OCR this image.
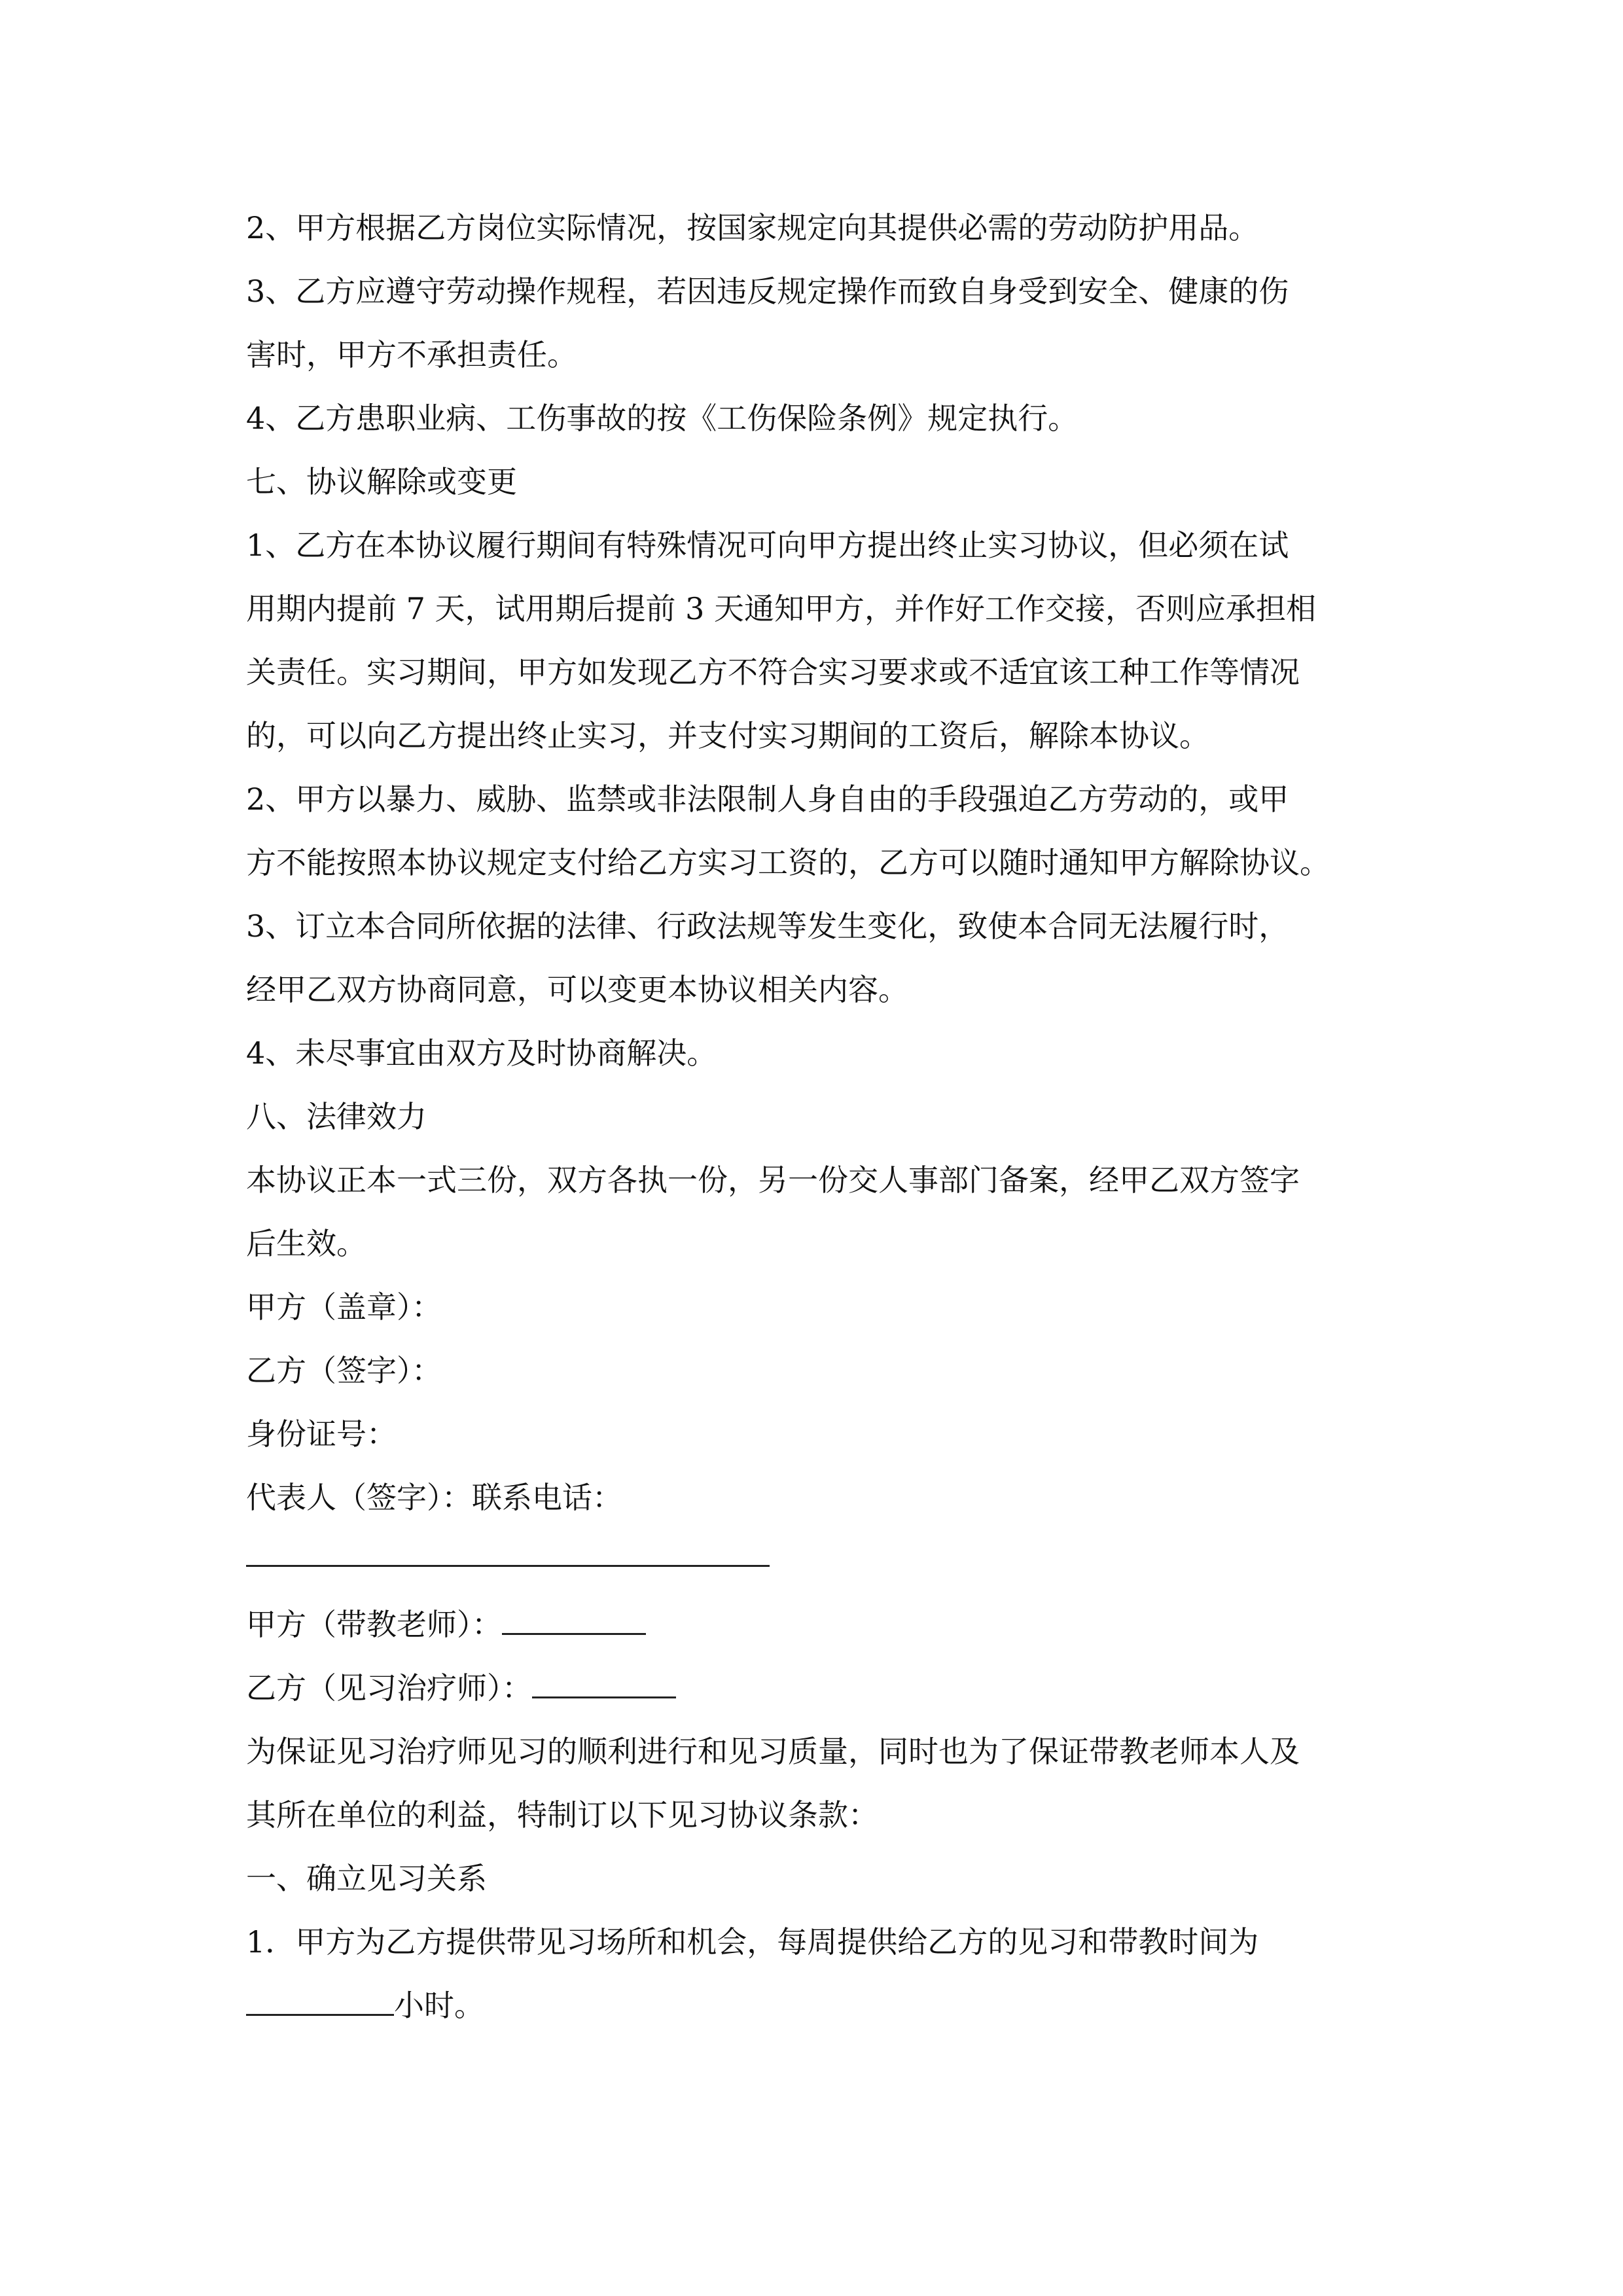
2、甲方根据乙方岗位实际情况，按国家规定向其提供必需的劳动防护用品。

3、乙方应遵守劳动操作规程，若因违反规定操作而致自身受到安全、健康的伤

害时，甲方不承担责任。

4、乙方患职业病、工伤事故的按《工伤保险条例》规定执行。

七、协议解除或变更

1、乙方在本协议履行期间有特殊情况可向甲方提出终止实习协议，但必须在试

用期内提前 7 天，试用期后提前 3 天通知甲方，并作好工作交接，否则应承担相

关责任。实习期间，甲方如发现乙方不符合实习要求或不适宜该工种工作等情况

的，可以向乙方提出终止实习，并支付实习期间的工资后，解除本协议。

2、甲方以暴力、威胁、监禁或非法限制人身自由的手段强迫乙方劳动的，或甲

方不能按照本协议规定支付给乙方实习工资的，乙方可以随时通知甲方解除协议。

3、订立本合同所依据的法律、行政法规等发生变化，致使本合同无法履行时，

经甲乙双方协商同意，可以变更本协议相关内容。

4、未尽事宜由双方及时协商解决。

八、法律效力

本协议正本一式三份，双方各执一份，另一份交人事部门备案，经甲乙双方签字

后生效。

甲方（盖章）：

乙方（签字）：

身份证号：

代表人（签字）：联系电话：

甲方（带教老师）：

乙方（见习治疗师）：

为保证见习治疗师见习的顺利进行和见习质量，同时也为了保证带教老师本人及

其所在单位的利益，特制订以下见习协议条款：

一、确立见习关系

1．甲方为乙方提供带见习场所和机会，每周提供给乙方的见习和带教时间为

小时。
